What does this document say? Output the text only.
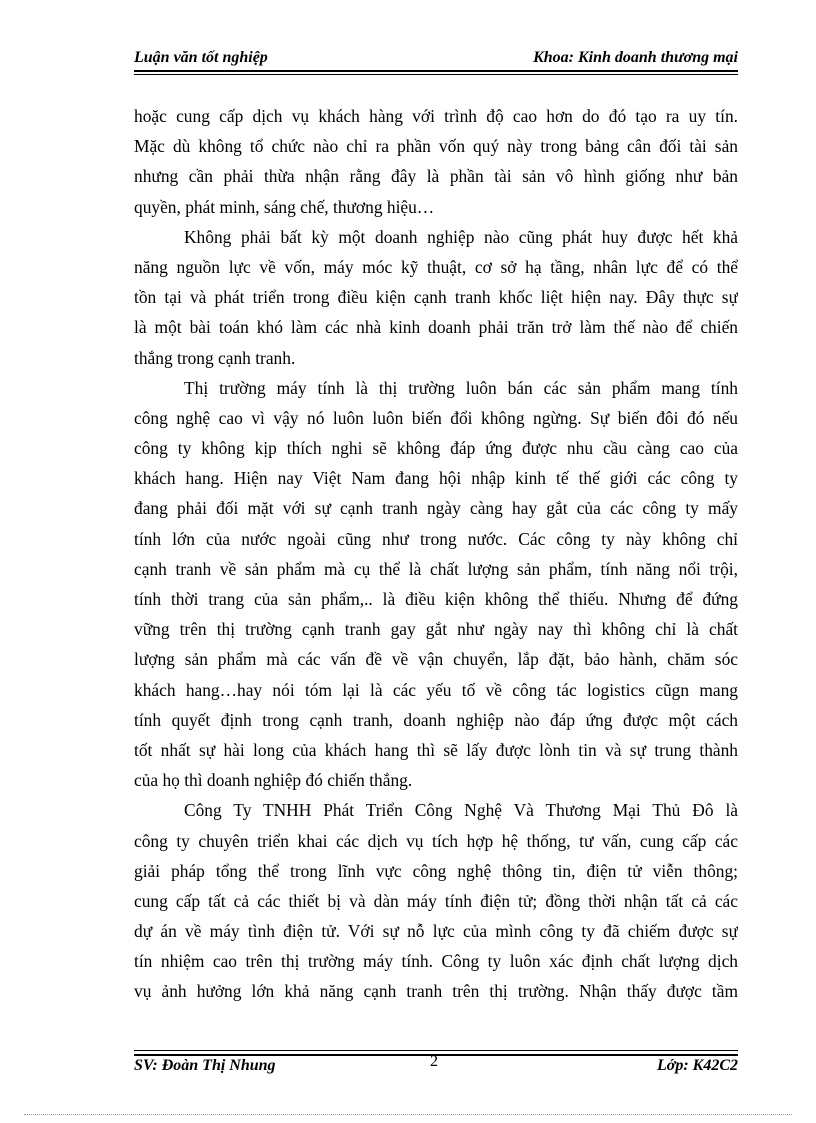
Luận văn tốt nghiệp	Khoa: Kinh doanh thương mại
hoặc cung cấp dịch vụ khách hàng với trình độ cao hơn do đó tạo ra uy tín.
Mặc dù không tổ chức nào chỉ ra phần vốn quý này trong bảng cân đối tài sản
nhưng cần phải thừa nhận rằng đây là phần tài sản vô hình giống như bản
quyền, phát minh, sáng chế, thương hiệu…
Không phải bất kỳ một doanh nghiệp nào cũng phát huy được hết khả
năng nguồn lực về vốn, máy móc kỹ thuật, cơ sở hạ tầng, nhân lực để có thể
tồn tại và phát triển trong điều kiện cạnh tranh khốc liệt hiện nay. Đây thực sự
là một bài toán khó làm các nhà kinh doanh phải trăn trở làm thế nào để chiến
thắng trong cạnh tranh.
Thị trường máy tính là thị trường luôn bán các sản phẩm mang tính
công nghệ cao vì vậy nó luôn luôn biến đổi không ngừng. Sự biến đôi đó nếu
công ty không kịp thích nghi sẽ không đáp ứng được nhu cầu càng cao của
khách hang. Hiện nay Việt Nam đang hội nhập kinh tế thế giới các công ty
đang phải đối mặt với sự cạnh tranh ngày càng hay gắt của các công ty mấy
tính lớn của nước ngoài cũng như trong nước. Các công ty này không chỉ
cạnh tranh về sản phẩm mà cụ thể là chất lượng sản phẩm, tính năng nổi trội,
tính thời trang của sản phẩm,.. là điều kiện không thể thiếu. Nhưng để đứng
vững trên thị trường cạnh tranh gay gắt như ngày nay thì không chỉ là chất
lượng sản phẩm mà các vấn đề về vận chuyển, lắp đặt, bảo hành, chăm sóc
khách hang…hay nói tóm lại là các yếu tố về công tác logistics cũgn mang
tính quyết định trong cạnh tranh, doanh nghiệp nào đáp ứng được một cách
tốt nhất sự hài long của khách hang thì sẽ lấy được lònh tin và sự trung thành
của họ thì doanh nghiệp đó chiến thắng.
Công Ty TNHH Phát Triển Công Nghệ Và Thương Mại Thủ Đô là
công ty chuyên triển khai các dịch vụ tích hợp hệ thống, tư vấn, cung cấp các
giải pháp tổng thể trong lĩnh vực công nghệ thông tin, điện tử viễn thông;
cung cấp tất cả các thiết bị và dàn máy tính điện tử; đồng thời nhận tất cả các
dự án về máy tình điện tử. Với sự nỗ lực của mình công ty đã chiếm được sự
tín nhiệm cao trên thị trường máy tính. Công ty luôn xác định chất lượng dịch
vụ ảnh hưởng lớn khả năng cạnh tranh trên thị trường. Nhận thấy được tầm
SV: Đoàn Thị Nhung	2	Lớp: K42C2
